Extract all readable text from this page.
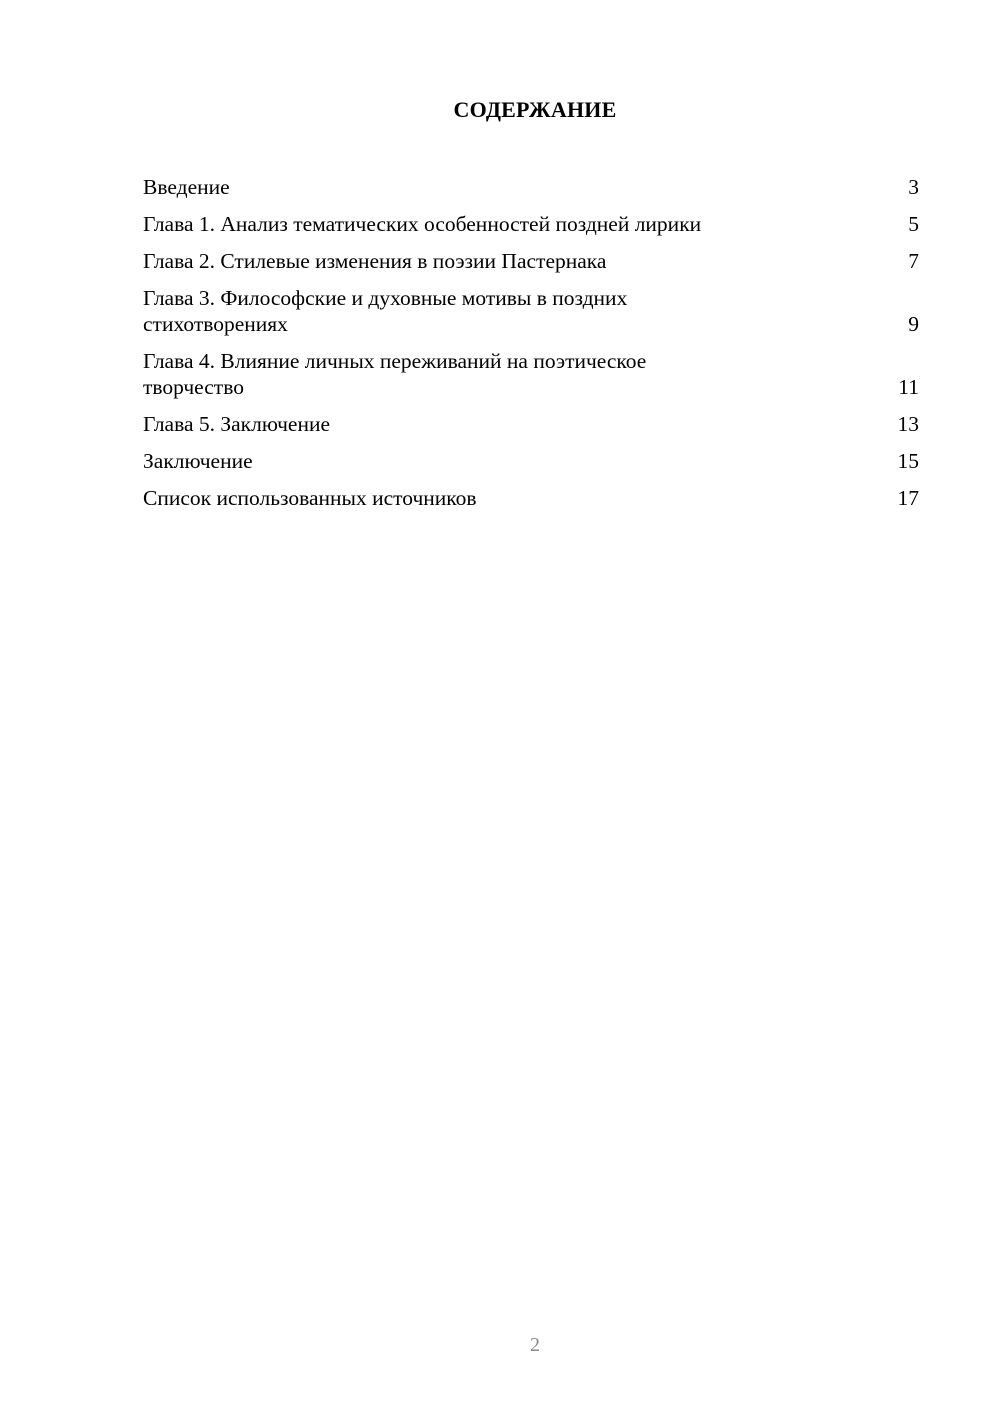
СОДЕРЖАНИЕ
Введение	3
Глава 1. Анализ тематических особенностей поздней лирики	5
Глава 2. Стилевые изменения в поэзии Пастернака	7
Глава 3. Философские и духовные мотивы в поздних
стихотворениях	9
Глава 4. Влияние личных переживаний на поэтическое
творчество	11
Глава 5. Заключение	13
Заключение	15
Список использованных источников	17
2
